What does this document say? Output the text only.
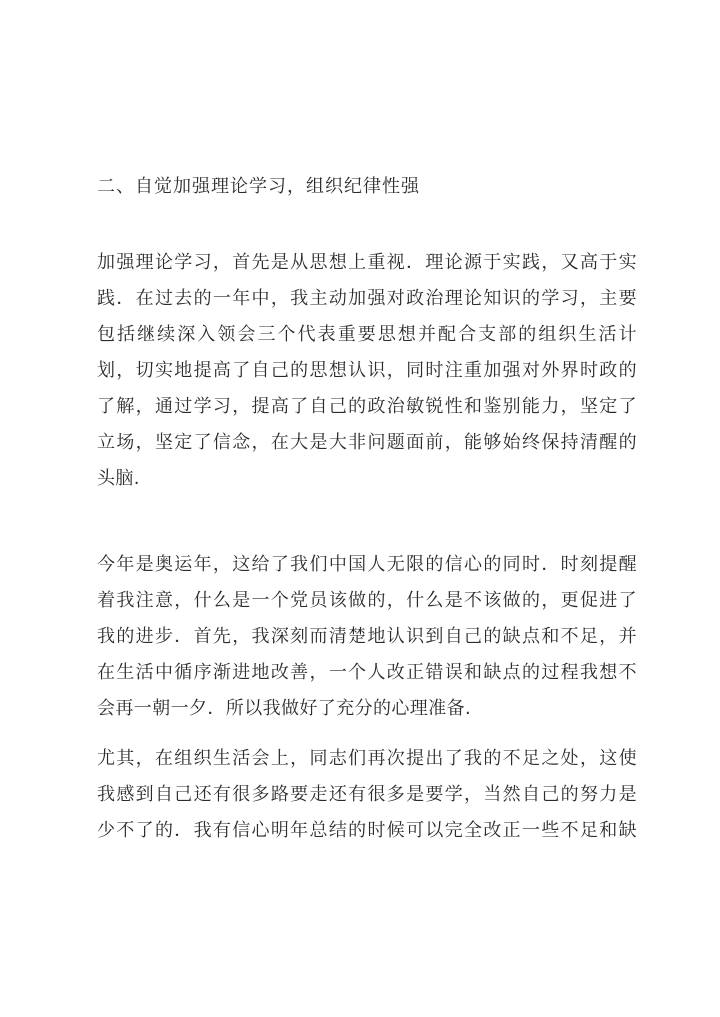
二、自觉加强理论学习，组织纪律性强
加强理论学习，首先是从思想上重视．理论源于实践，又高于实
践．在过去的一年中，我主动加强对政治理论知识的学习，主要
包括继续深入领会三个代表重要思想并配合支部的组织生活计
划，切实地提高了自己的思想认识，同时注重加强对外界时政的
了解，通过学习，提高了自己的政治敏锐性和鉴别能力，坚定了
立场，坚定了信念，在大是大非问题面前，能够始终保持清醒的
头脑.
今年是奥运年，这给了我们中国人无限的信心的同时．时刻提醒
着我注意，什么是一个党员该做的，什么是不该做的，更促进了
我的进步．首先，我深刻而清楚地认识到自己的缺点和不足，并
在生活中循序渐进地改善，一个人改正错误和缺点的过程我想不
会再一朝一夕．所以我做好了充分的心理准备.
尤其，在组织生活会上，同志们再次提出了我的不足之处，这使
我感到自己还有很多路要走还有很多是要学，当然自己的努力是
少不了的．我有信心明年总结的时候可以完全改正一些不足和缺
